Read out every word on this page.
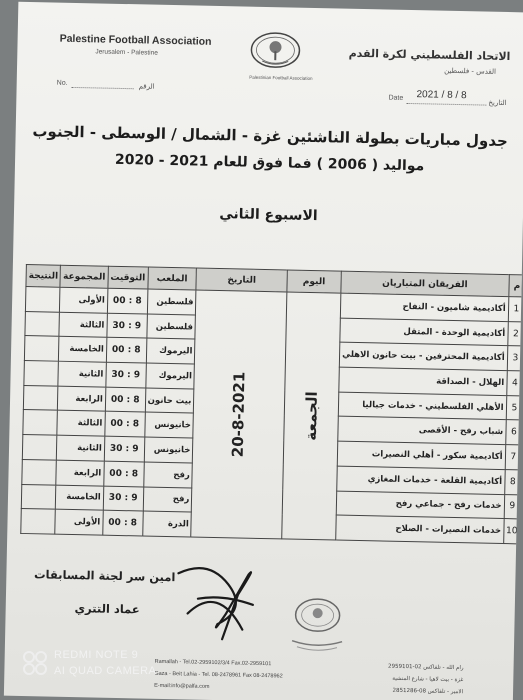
Palestine Football Association
Jerusalem - Palestine	الاتحاد الفلسطيني لكرة القدم
القدس - فلسطين
Palestinian Football Association
No.	الرقم
Date 2021 / 8 / 8
التاريخ
جدول مباريات بطولة الناشئين غزة - الشمال / الوسطى - الجنوب
مواليد ( 2006 ) فما فوق للعام 2021 - 2020
الاسبوع الثاني
م	الفريقان المتباريان	اليوم	التاريخ	الملعب	التوقيت	المجموعة	النتيجة
1	أكاديمية شاميون - النفاح	الجمعة	20-8-2021	فلسطين	8 : 00	الأولى	
2	أكاديمية الوحدة - المتقل			فلسطين	9 : 30	الثالثة	
3	أكاديمية المحترفين - بيت حانون الاهلي			اليرموك	8 : 00	الخامسة	
4	الهلال - الصداقة			اليرموك	9 : 30	الثانية	
5	الأهلي الفلسطيني - خدمات جباليا			بيت حانون	8 : 00	الرابعة	
6	شباب رفح - الأقصى			خانيونس	8 : 00	الثالثة	
7	أكاديمية سكور - أهلي النصيرات			خانيونس	9 : 30	الثانية	
8	أكاديمية القلعة - خدمات المغازي			رفح	8 : 00	الرابعة	
9	خدمات رفح - جماعي رفح			رفح	9 : 30	الخامسة	
10	خدمات النصيرات - الصلاح			الدرة	8 : 00	الأولى	
امين سر لجنة المسابقات
عماد التتري
Ramallah - Tel.02-2959102/3/4 Fax.02-2959101
Gaza - Beit Lahia - Tel. 08-2478961 Fax 08-2478962
E-mail:info@palfa.com
رام الله - تلفاكس 02-2959101
غزة - بيت لاهيا - شارع المنشية
الامير - تلفاكس 08-2851286
REDMI NOTE 9
AI QUAD CAMERA
